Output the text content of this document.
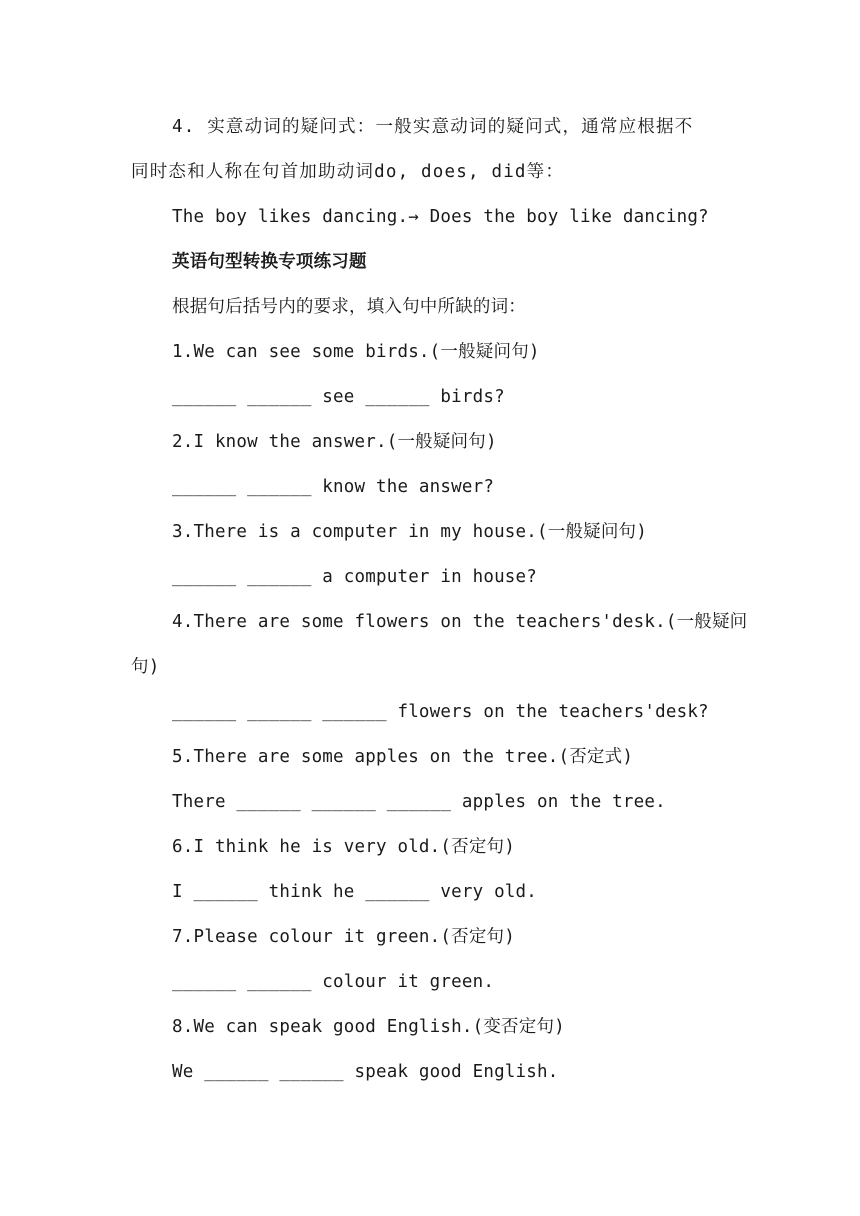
4. 实意动词的疑问式：一般实意动词的疑问式，通常应根据不
同时态和人称在句首加助动词do, does, did等：
The boy likes dancing.→ Does the boy like dancing?
英语句型转换专项练习题
根据句后括号内的要求，填入句中所缺的词：
1.We can see some birds.(一般疑问句)
______ ______ see ______ birds?
2.I know the answer.(一般疑问句)
______ ______ know the answer?
3.There is a computer in my house.(一般疑问句)
______ ______ a computer in house?
4.There are some flowers on the teachers'desk.(一般疑问
句)
______ ______ ______ flowers on the teachers'desk?
5.There are some apples on the tree.(否定式)
There ______ ______ ______ apples on the tree.
6.I think he is very old.(否定句)
I ______ think he ______ very old.
7.Please colour it green.(否定句)
______ ______ colour it green.
8.We can speak good English.(变否定句)
We ______ ______ speak good English.
